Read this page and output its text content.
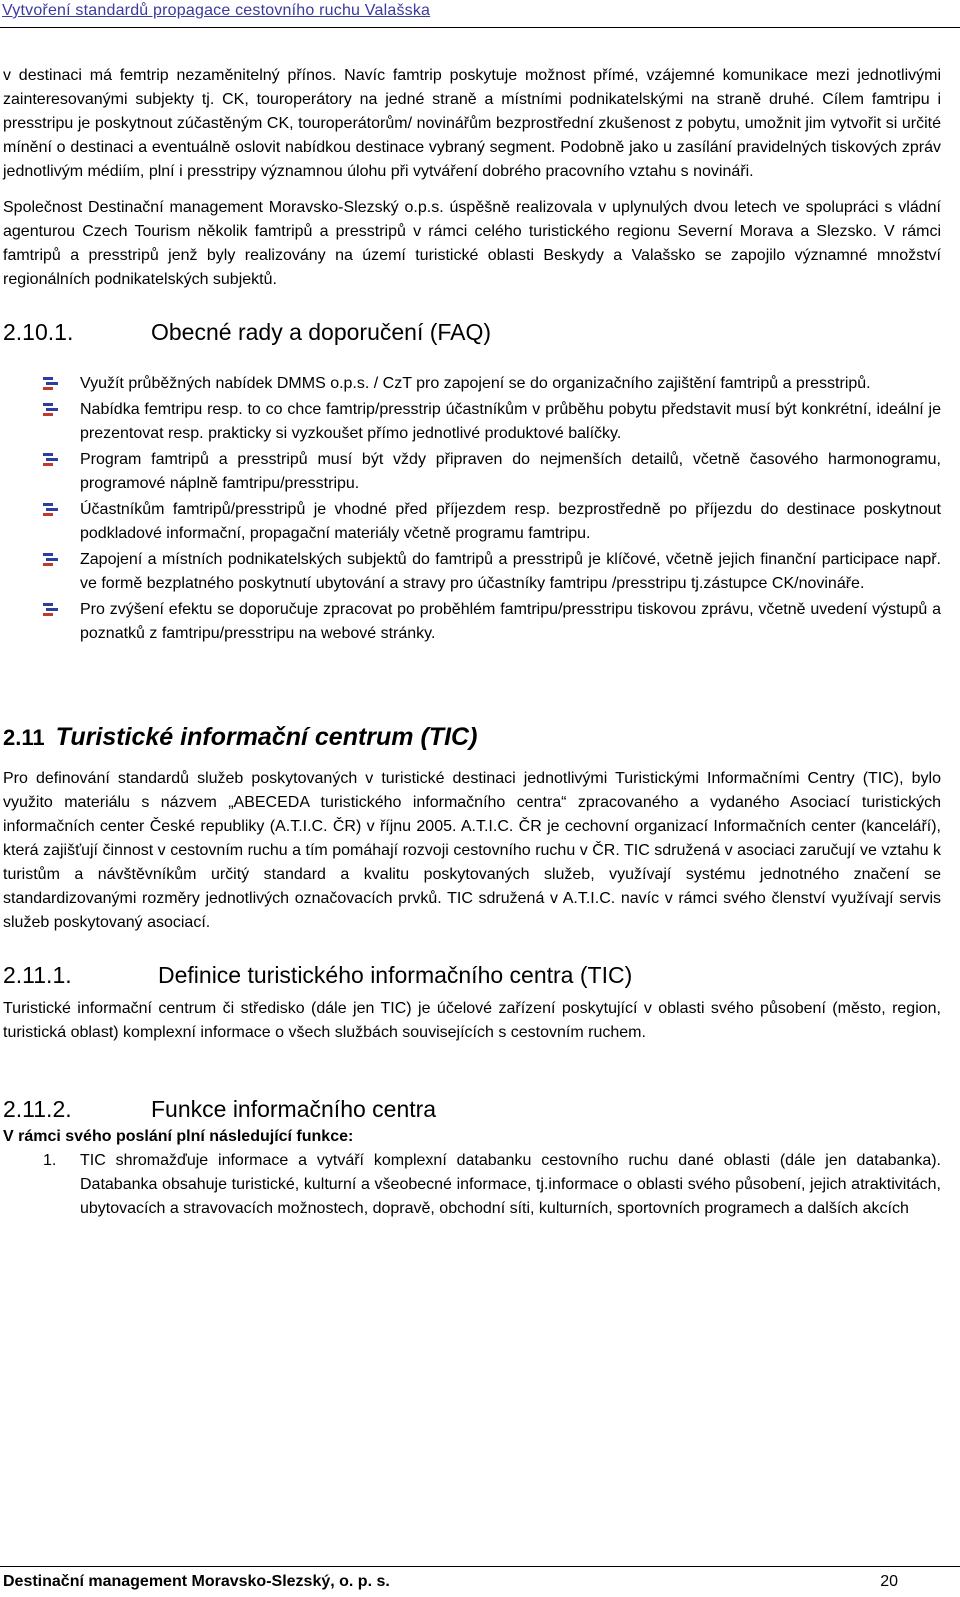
Vytvoření standardů propagace cestovního ruchu Valašska

v destinaci má femtrip nezaměnitelný přínos. Navíc famtrip poskytuje možnost přímé, vzájemné komunikace mezi jednotlivými zainteresovanými subjekty tj. CK, touroperátory na jedné straně a místními podnikatelskými na straně druhé. Cílem famtripu i presstripu je poskytnout zúčastěným CK, touroperátorům/ novinářům bezprostřední zkušenost z pobytu, umožnit jim vytvořit si určité mínění o destinaci a eventuálně oslovit nabídkou destinace vybraný segment. Podobně jako u zasílání pravidelných tiskových zpráv jednotlivým médiím, plní i presstripy významnou úlohu při vytváření dobrého pracovního vztahu s novináři.

Společnost Destinační management Moravsko-Slezský o.p.s. úspěšně realizovala v uplynulých dvou letech ve spolupráci s vládní agenturou Czech Tourism několik famtripů a presstripů v rámci celého turistického regionu Severní Morava a Slezsko. V rámci famtripů a presstripů jenž byly realizovány na území turistické oblasti Beskydy a Valašsko se zapojilo významné množství regionálních podnikatelských subjektů.

2.10.1.	Obecné rady a doporučení (FAQ)
Využít průběžných nabídek DMMS o.p.s. / CzT pro zapojení se do organizačního zajištění famtripů a presstripů.
Nabídka femtripu resp. to co chce famtrip/presstrip účastníkům v průběhu pobytu představit musí být konkrétní, ideální je prezentovat resp. prakticky si vyzkoušet přímo jednotlivé produktové balíčky.
Program famtripů a presstripů musí být vždy připraven do nejmenších detailů, včetně časového harmonogramu, programové náplně famtripu/presstripu.
Účastníkům famtripů/presstripů je vhodné před příjezdem resp. bezprostředně po příjezdu do destinace poskytnout podkladové informační, propagační materiály včetně programu famtripu.
Zapojení a místních podnikatelských subjektů do famtripů a presstripů je klíčové, včetně jejich finanční participace např. ve formě bezplatného poskytnutí ubytování a stravy pro účastníky famtripu /presstripu tj.zástupce CK/novináře.
Pro zvýšení efektu se doporučuje zpracovat po proběhlém famtripu/presstripu tiskovou zprávu, včetně uvedení výstupů a poznatků z famtripu/presstripu na webové stránky.
2.11 Turistické informační centrum (TIC)

Pro definování standardů služeb poskytovaných v turistické destinaci jednotlivými Turistickými Informačními Centry (TIC), bylo využito materiálu s názvem „ABECEDA turistického informačního centra“ zpracovaného a vydaného Asociací turistických informačních center České republiky (A.T.I.C. ČR) v říjnu 2005. A.T.I.C. ČR je cechovní organizací Informačních center (kanceláří), která zajišťují činnost v cestovním ruchu a tím pomáhají rozvoji cestovního ruchu v ČR. TIC sdružená v asociaci zaručují ve vztahu k turistům a návštěvníkům určitý standard a kvalitu poskytovaných služeb, využívají systému jednotného značení se standardizovanými rozměry jednotlivých označovacích prvků. TIC sdružená v A.T.I.C. navíc v rámci svého členství využívají servis služeb poskytovaný asociací.

2.11.1.	Definice turistického informačního centra (TIC)

Turistické informační centrum či středisko (dále jen TIC) je účelové zařízení poskytující v oblasti svého působení (město, region, turistická oblast) komplexní informace o všech službách souvisejících s cestovním ruchem.

2.11.2.	Funkce informačního centra

V rámci svého poslání plní následující funkce:

1. TIC shromažďuje informace a vytváří komplexní databanku cestovního ruchu dané oblasti (dále jen databanka). Databanka obsahuje turistické, kulturní a všeobecné informace, tj.informace o oblasti svého působení, jejich atraktivitách, ubytovacích a stravovacích možnostech, dopravě, obchodní síti, kulturních, sportovních programech a dalších akcích
Destinační management Moravsko-Slezský, o. p. s.	20
